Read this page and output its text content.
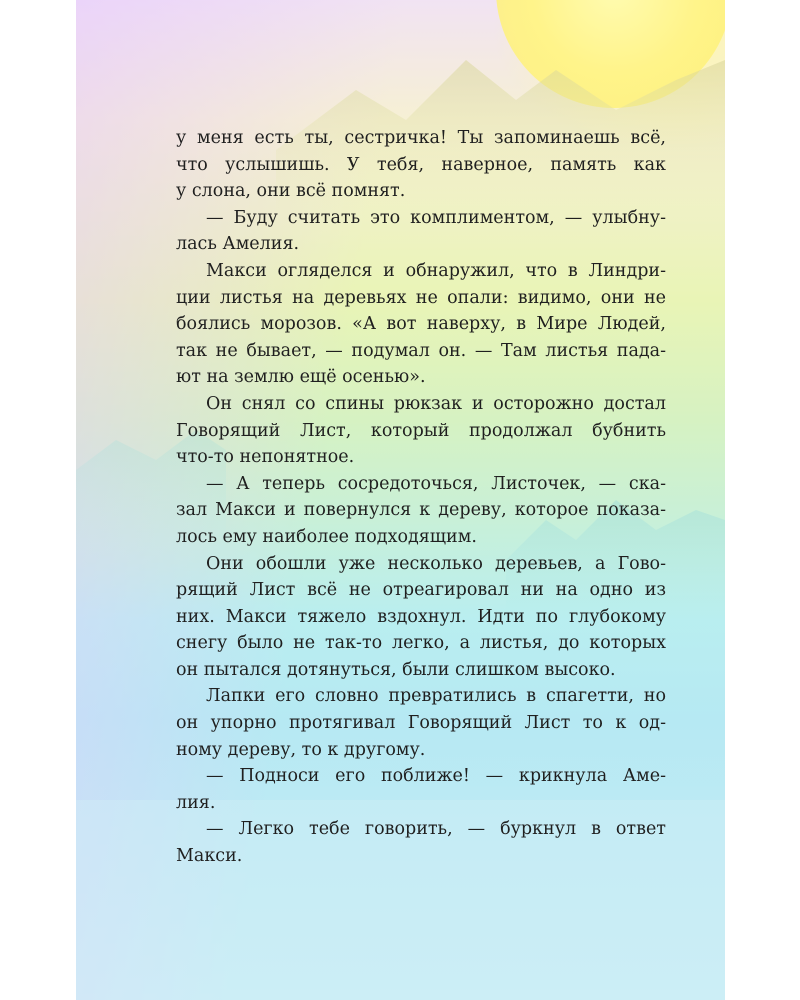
у меня есть ты, сестричка! Ты запоминаешь всё,
что услышишь. У тебя, наверное, память как
у слона, они всё помнят.
— Буду считать это комплиментом, — улыбну-
лась Амелия.
Макси огляделся и обнаружил, что в Линдри-
ции листья на деревьях не опали: видимо, они не
боялись морозов. «А вот наверху, в Мире Людей,
так не бывает, — подумал он. — Там листья пада-
ют на землю ещё осенью».
Он снял со спины рюкзак и осторожно достал
Говорящий Лист, который продолжал бубнить
что-то непонятное.
— А теперь сосредоточься, Листочек, — ска-
зал Макси и повернулся к дереву, которое показа-
лось ему наиболее подходящим.
Они обошли уже несколько деревьев, а Гово-
рящий Лист всё не отреагировал ни на одно из
них. Макси тяжело вздохнул. Идти по глубокому
снегу было не так-то легко, а листья, до которых
он пытался дотянуться, были слишком высоко.
Лапки его словно превратились в спагетти, но
он упорно протягивал Говорящий Лист то к од-
ному дереву, то к другому.
— Подноси его поближе! — крикнула Аме-
лия.
— Легко тебе говорить, — буркнул в ответ
Макси.
